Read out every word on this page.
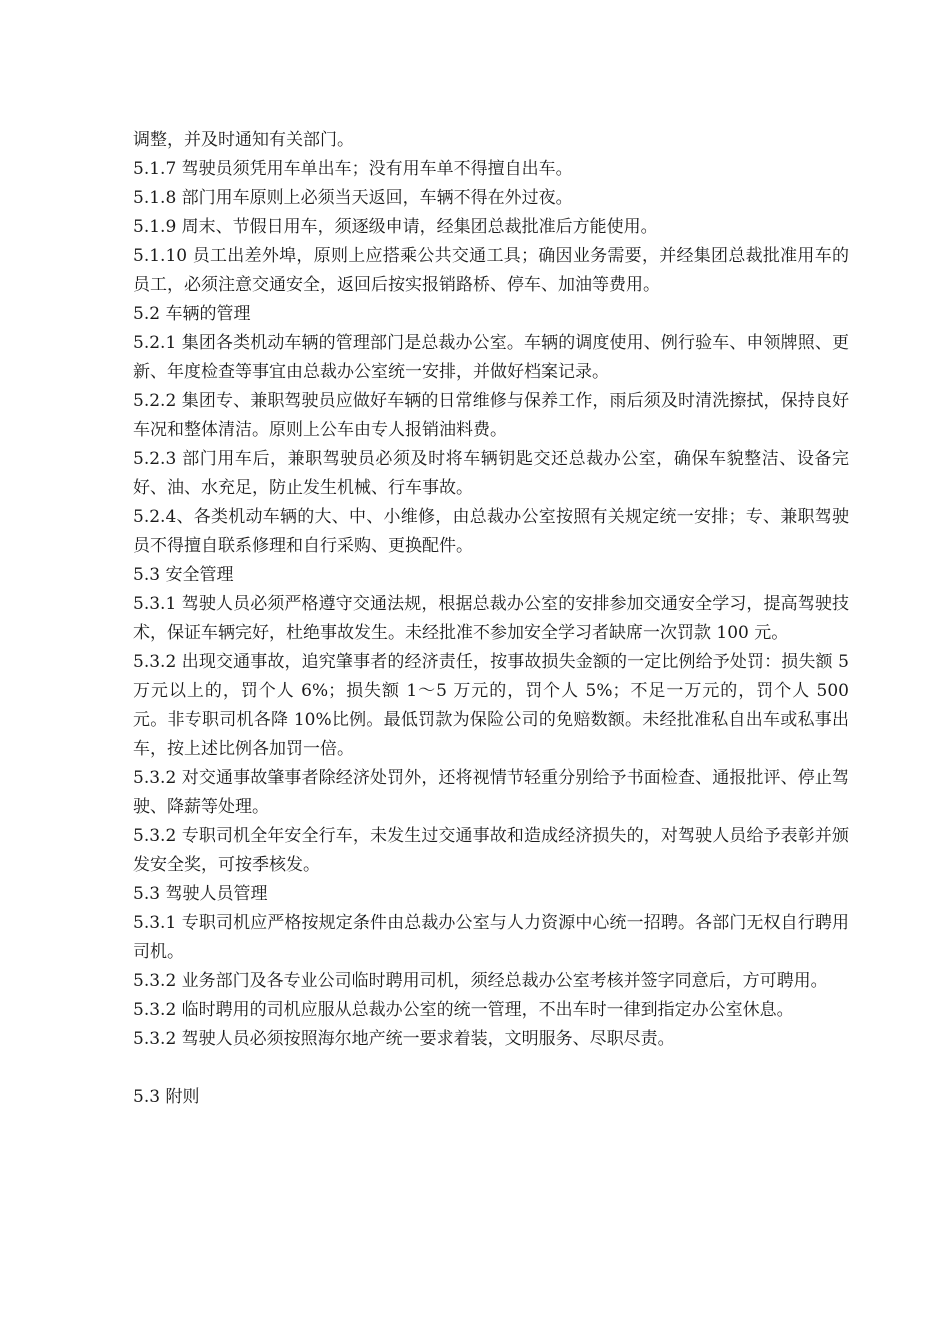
调整，并及时通知有关部门。

5.1.7 驾驶员须凭用车单出车；没有用车单不得擅自出车。

5.1.8 部门用车原则上必须当天返回，车辆不得在外过夜。

5.1.9 周末、节假日用车，须逐级申请，经集团总裁批准后方能使用。

5.1.10 员工出差外埠，原则上应搭乘公共交通工具；确因业务需要，并经集团总裁批准用车的员工，必须注意交通安全，返回后按实报销路桥、停车、加油等费用。

5.2 车辆的管理

5.2.1 集团各类机动车辆的管理部门是总裁办公室。车辆的调度使用、例行验车、申领牌照、更新、年度检查等事宜由总裁办公室统一安排，并做好档案记录。

5.2.2 集团专、兼职驾驶员应做好车辆的日常维修与保养工作，雨后须及时清洗擦拭，保持良好车况和整体清洁。原则上公车由专人报销油料费。

5.2.3 部门用车后，兼职驾驶员必须及时将车辆钥匙交还总裁办公室，确保车貌整洁、设备完好、油、水充足，防止发生机械、行车事故。

5.2.4、各类机动车辆的大、中、小维修，由总裁办公室按照有关规定统一安排；专、兼职驾驶员不得擅自联系修理和自行采购、更换配件。

5.3 安全管理

5.3.1 驾驶人员必须严格遵守交通法规，根据总裁办公室的安排参加交通安全学习，提高驾驶技术，保证车辆完好，杜绝事故发生。未经批准不参加安全学习者缺席一次罚款 100 元。

5.3.2 出现交通事故，追究肇事者的经济责任，按事故损失金额的一定比例给予处罚：损失额 5 万元以上的，罚个人 6%；损失额 1～5 万元的，罚个人 5%；不足一万元的，罚个人 500 元。非专职司机各降 10%比例。最低罚款为保险公司的免赔数额。未经批准私自出车或私事出车，按上述比例各加罚一倍。

5.3.2 对交通事故肇事者除经济处罚外，还将视情节轻重分别给予书面检查、通报批评、停止驾驶、降薪等处理。

5.3.2 专职司机全年安全行车，未发生过交通事故和造成经济损失的，对驾驶人员给予表彰并颁发安全奖，可按季核发。

5.3 驾驶人员管理

5.3.1 专职司机应严格按规定条件由总裁办公室与人力资源中心统一招聘。各部门无权自行聘用司机。

5.3.2 业务部门及各专业公司临时聘用司机，须经总裁办公室考核并签字同意后，方可聘用。

5.3.2 临时聘用的司机应服从总裁办公室的统一管理，不出车时一律到指定办公室休息。

5.3.2 驾驶人员必须按照海尔地产统一要求着装，文明服务、尽职尽责。

5.3 附则
